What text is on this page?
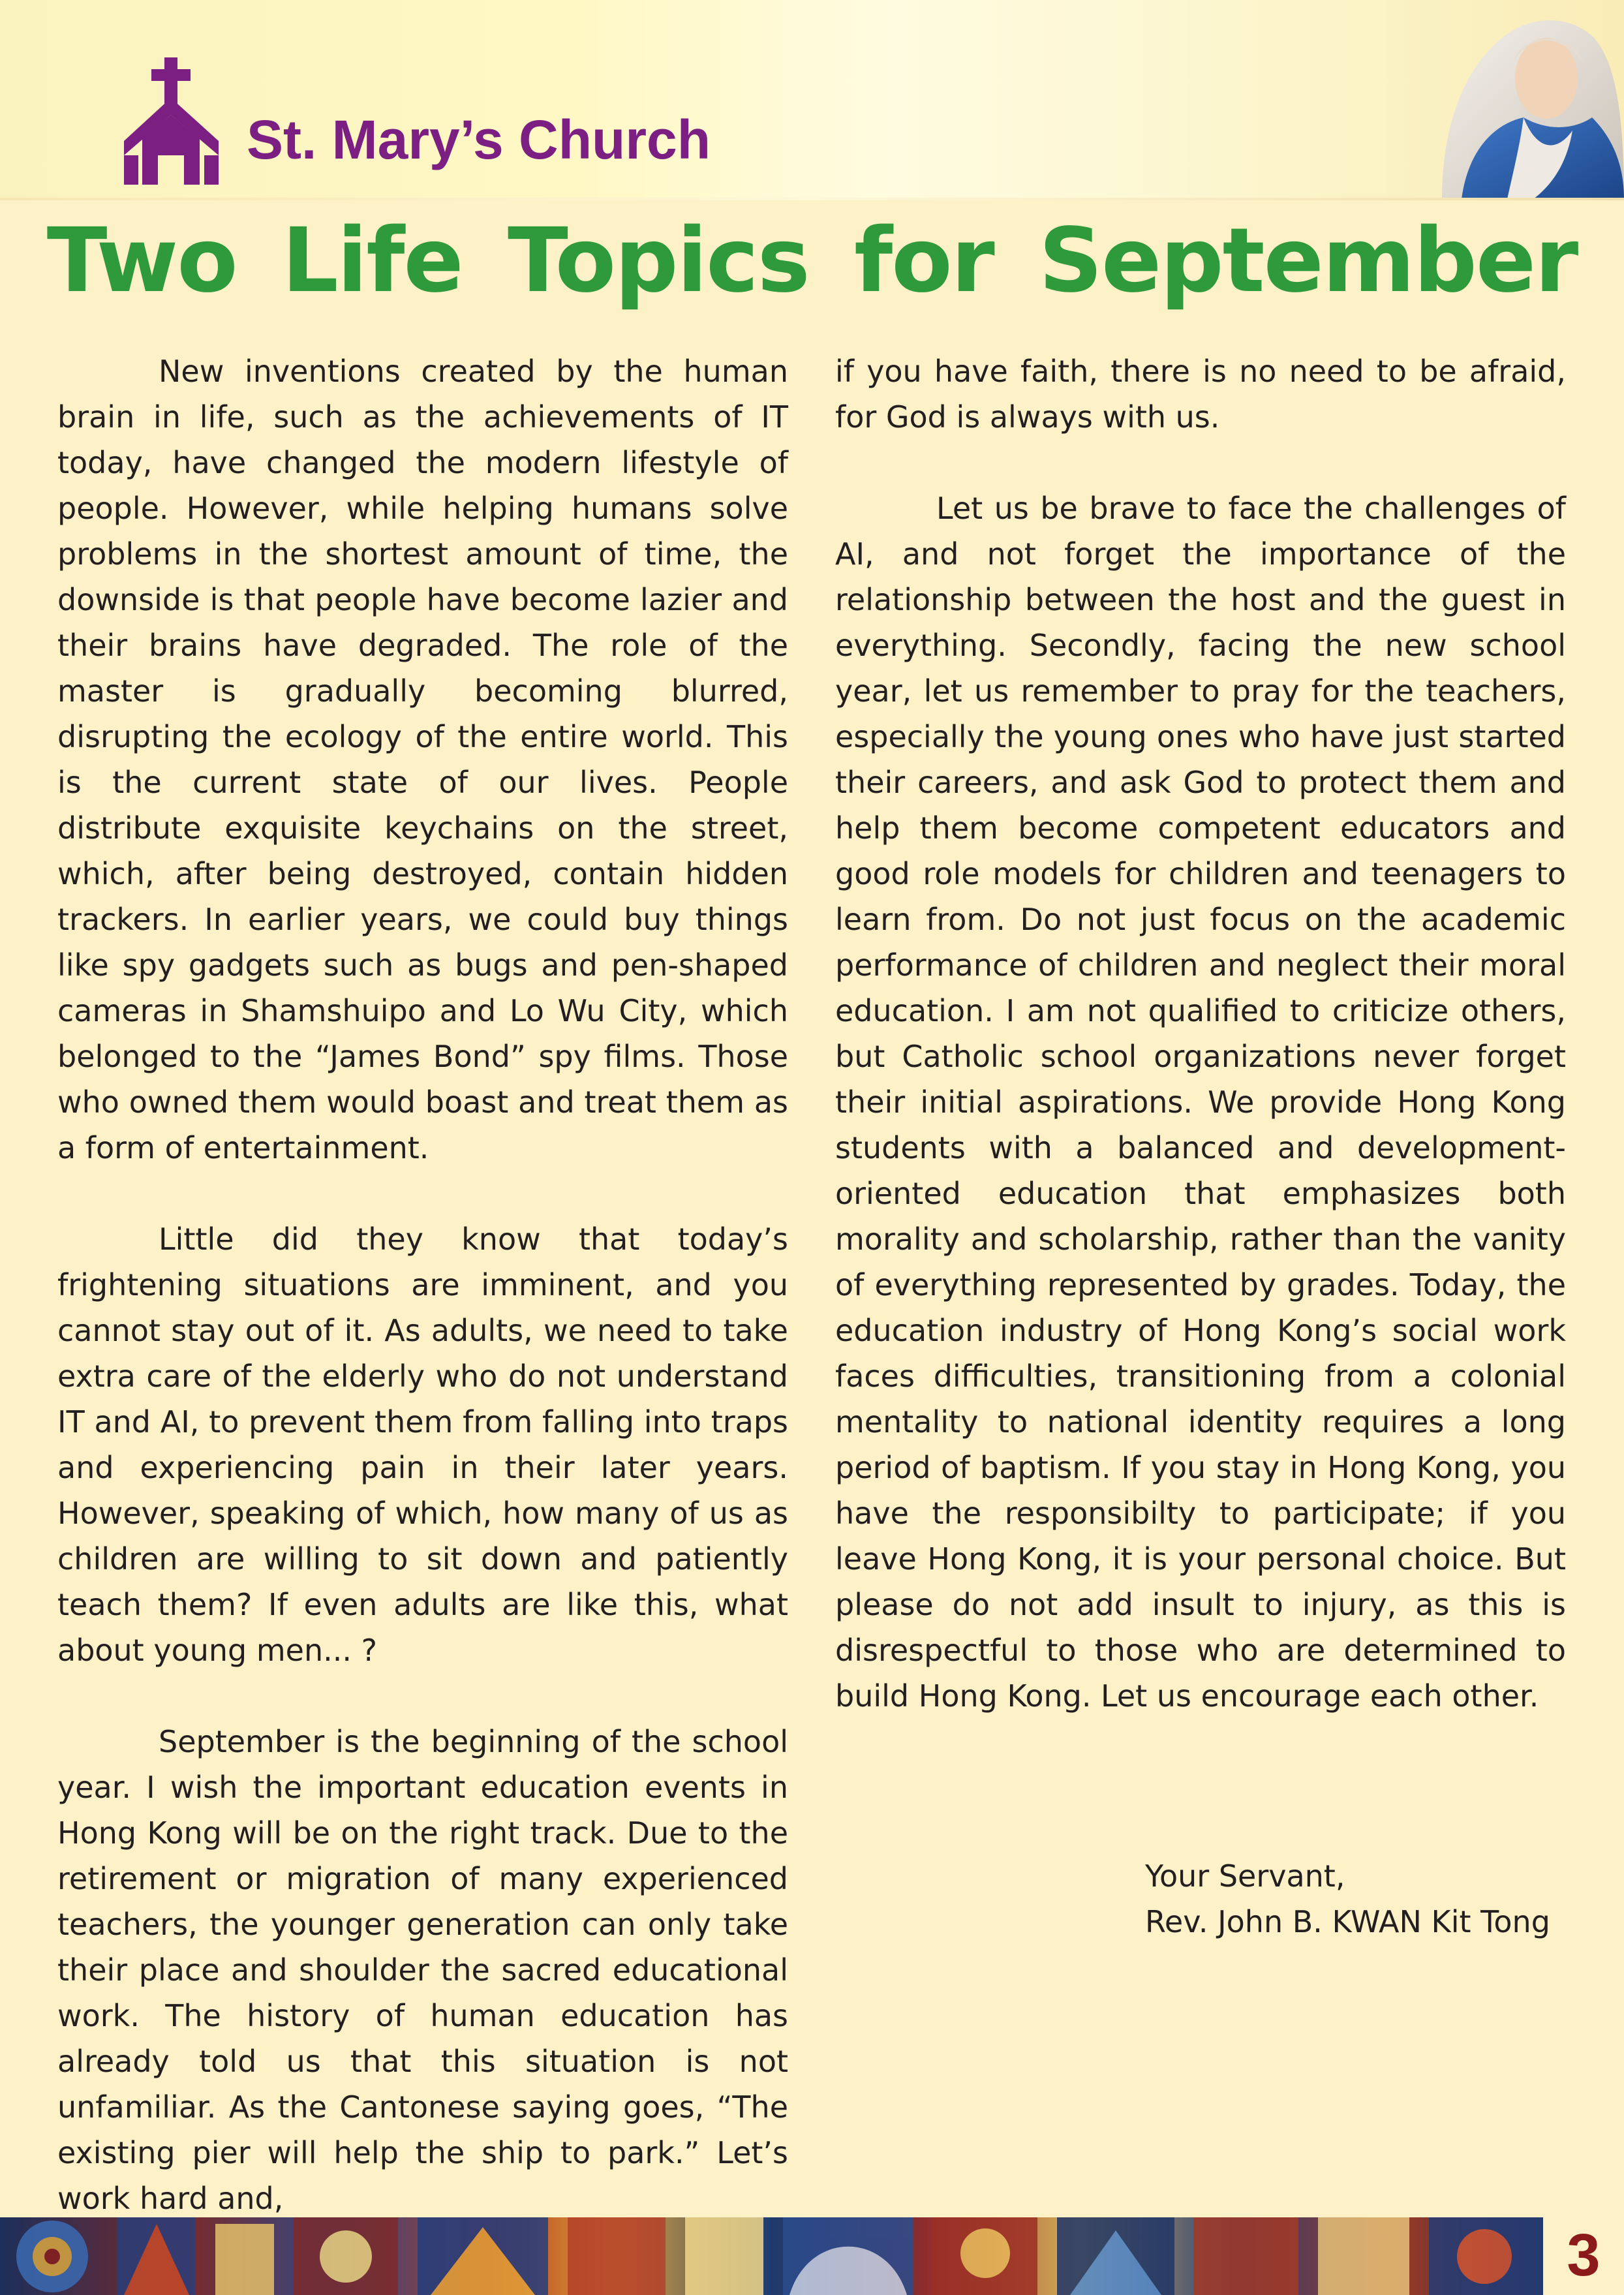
St. Mary’s Church
Two Life Topics for September

New inventions created by the human brain in life, such as the achievements of IT today, have changed the modern lifestyle of people. However, while helping humans solve problems in the shortest amount of time, the downside is that people have become lazier and their brains have degraded. The role of the master is gradually becoming blurred, disrupting the ecology of the entire world. This is the current state of our lives. People distribute exquisite keychains on the street, which, after being destroyed, contain hidden trackers. In earlier years, we could buy things like spy gadgets such as bugs and pen-shaped cameras in Shamshuipo and Lo Wu City, which belonged to the “James Bond” spy films. Those who owned them would boast and treat them as a form of entertainment.

Little did they know that today’s frightening situations are imminent, and you cannot stay out of it. As adults, we need to take extra care of the elderly who do not understand IT and AI, to prevent them from falling into traps and experiencing pain in their later years. However, speaking of which, how many of us as children are willing to sit down and patiently teach them? If even adults are like this, what about young men... ?

September is the beginning of the school year. I wish the important education events in Hong Kong will be on the right track. Due to the retirement or migration of many experienced teachers, the younger generation can only take their place and shoulder the sacred educational work. The history of human education has already told us that this situation is not unfamiliar. As the Cantonese saying goes, “The existing pier will help the ship to park.” Let’s work hard and,

if you have faith, there is no need to be afraid, for God is always with us.

Let us be brave to face the challenges of AI, and not forget the importance of the relationship between the host and the guest in everything. Secondly, facing the new school year, let us remember to pray for the teachers, especially the young ones who have just started their careers, and ask God to protect them and help them become competent educators and good role models for children and teenagers to learn from. Do not just focus on the academic performance of children and neglect their moral education. I am not qualified to criticize others, but Catholic school organizations never forget their initial aspirations. We provide Hong Kong students with a balanced and development-oriented education that emphasizes both morality and scholarship, rather than the vanity of everything represented by grades. Today, the education industry of Hong Kong’s social work faces difficulties, transitioning from a colonial mentality to national identity requires a long period of baptism. If you stay in Hong Kong, you have the responsibilty to participate; if you leave Hong Kong, it is your personal choice. But please do not add insult to injury, as this is disrespectful to those who are determined to build Hong Kong. Let us encourage each other.

Your Servant,
Rev. John B. KWAN Kit Tong
3
